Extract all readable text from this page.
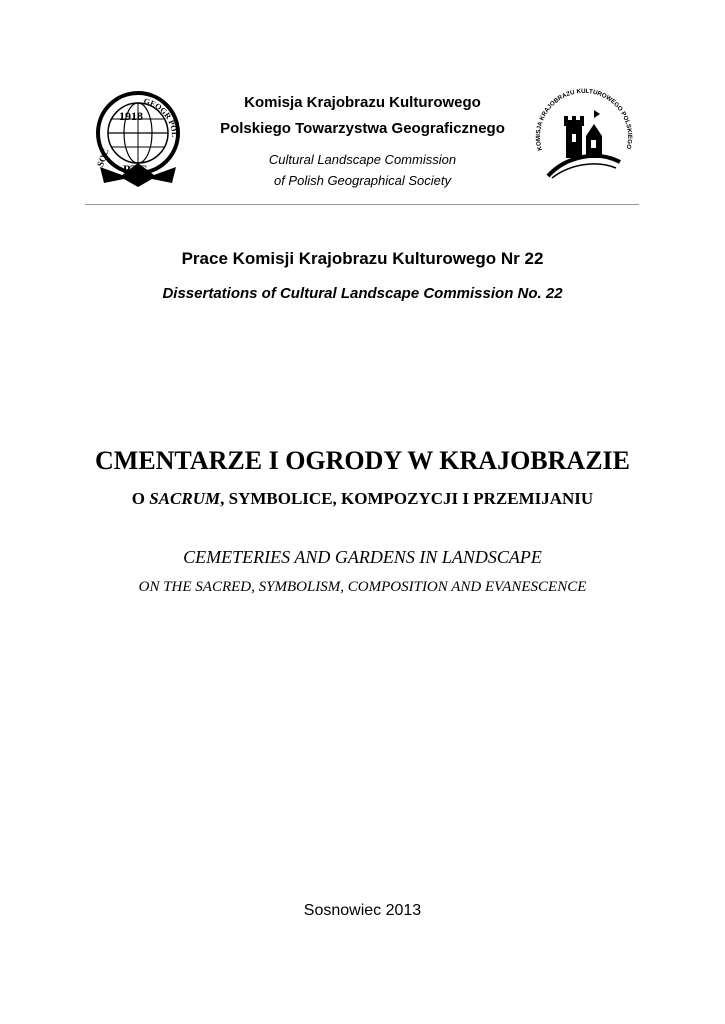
1918
GEOGR POL
SOC
PTG
Komisja Krajobrazu Kulturowego
Polskiego Towarzystwa Geograficznego
Cultural Landscape Commission
of Polish Geographical Society
KOMISJA KRAJOBRAZU KULTUROWEGO POLSKIEGO
Prace Komisji Krajobrazu Kulturowego Nr 22
Dissertations of Cultural Landscape Commission No. 22
CMENTARZE I OGRODY W KRAJOBRAZIE
O SACRUM, SYMBOLICE, KOMPOZYCJI I PRZEMIJANIU
CEMETERIES AND GARDENS IN LANDSCAPE
ON THE SACRED, SYMBOLISM, COMPOSITION AND EVANESCENCE
Sosnowiec 2013
